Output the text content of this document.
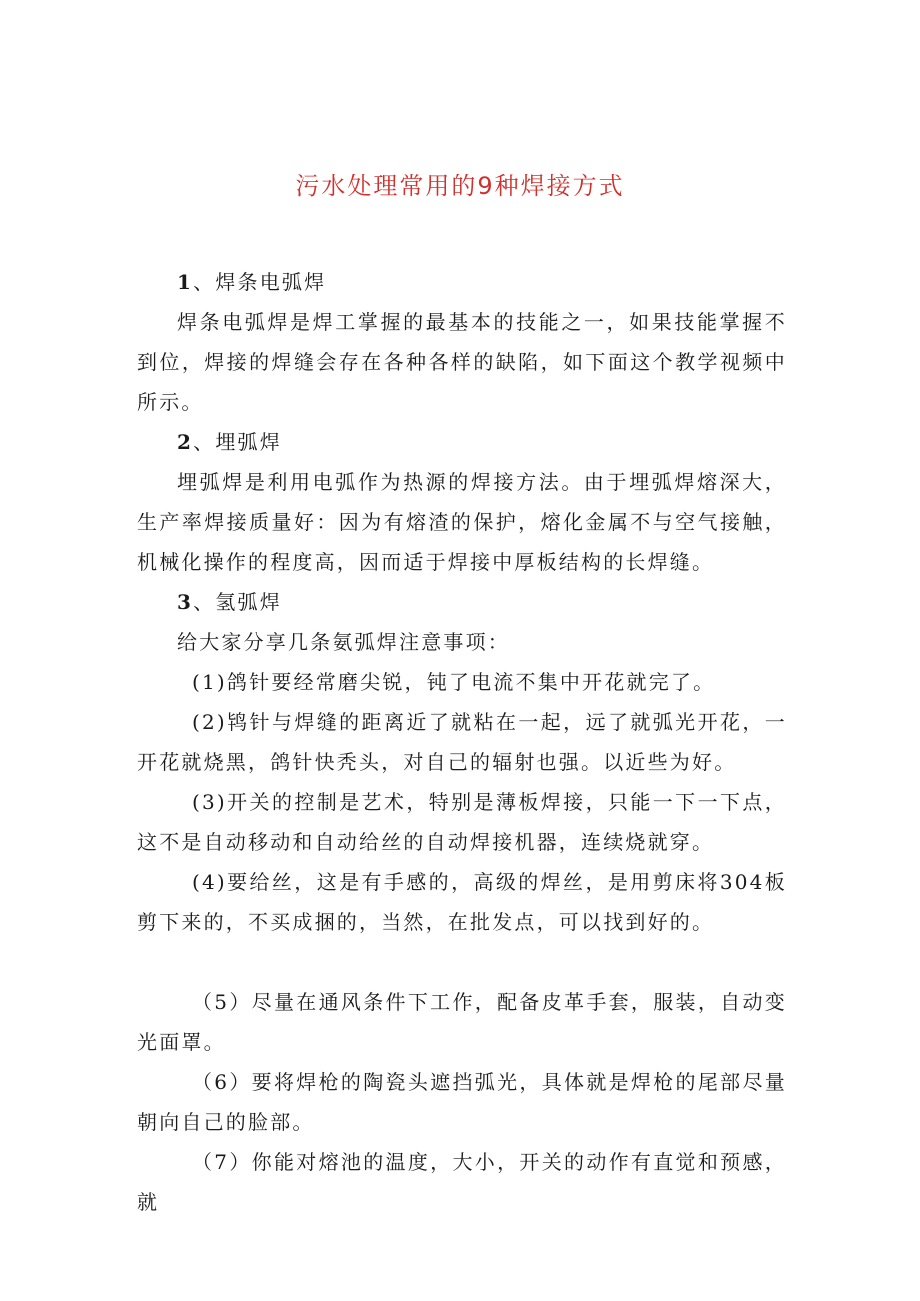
污水处理常用的9种焊接方式

1、焊条电弧焊

焊条电弧焊是焊工掌握的最基本的技能之一，如果技能掌握不到位，焊接的焊缝会存在各种各样的缺陷，如下面这个教学视频中所示。

2、埋弧焊

埋弧焊是利用电弧作为热源的焊接方法。由于埋弧焊熔深大，生产率焊接质量好：因为有熔渣的保护，熔化金属不与空气接触，机械化操作的程度高，因而适于焊接中厚板结构的长焊缝。

3、氢弧焊

给大家分享几条氨弧焊注意事项：

(1)鸽针要经常磨尖锐，钝了电流不集中开花就完了。

(2)鸨针与焊缝的距离近了就粘在一起，远了就弧光开花，一开花就烧黑，鸽针快秃头，对自己的辐射也强。以近些为好。

(3)开关的控制是艺术，特别是薄板焊接，只能一下一下点，这不是自动移动和自动给丝的自动焊接机器，连续烧就穿。

(4)要给丝，这是有手感的，高级的焊丝，是用剪床将304板剪下来的，不买成捆的，当然，在批发点，可以找到好的。

（5）尽量在通风条件下工作，配备皮革手套，服装，自动变光面罩。

（6）要将焊枪的陶瓷头遮挡弧光，具体就是焊枪的尾部尽量朝向自己的脸部。

（7）你能对熔池的温度，大小，开关的动作有直觉和预感，就
